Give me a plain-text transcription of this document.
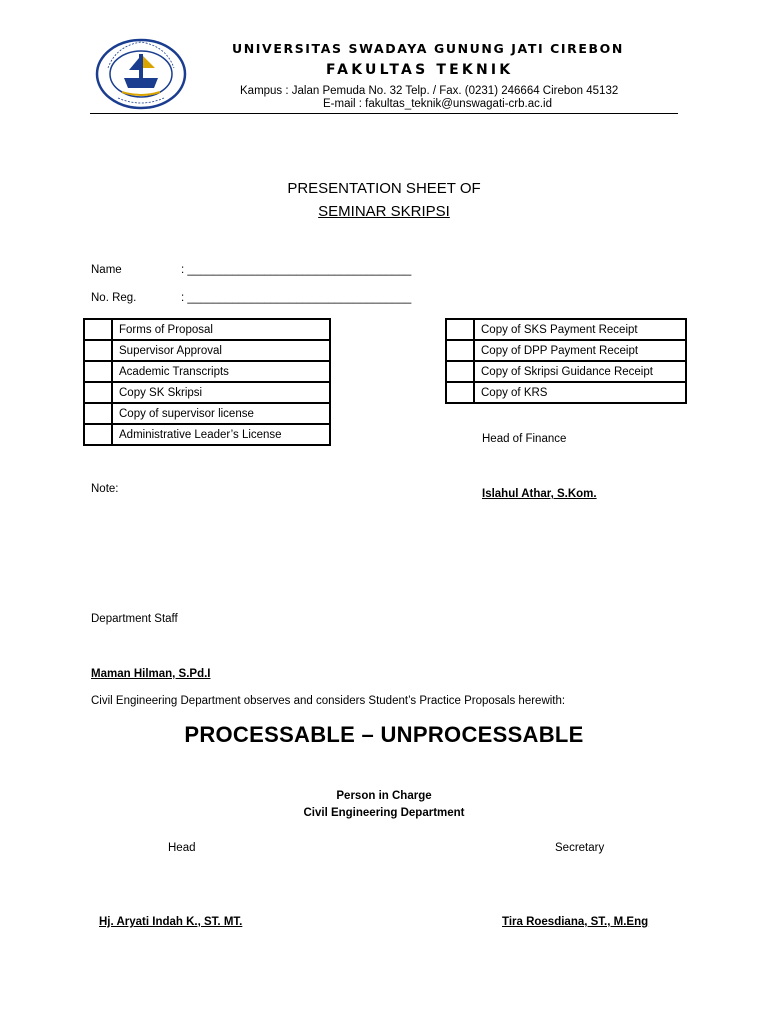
UNIVERSITAS SWADAYA GUNUNG JATI CIREBON
FAKULTAS TEKNIK
Kampus : Jalan Pemuda No. 32 Telp. / Fax. (0231) 246664 Cirebon 45132
E-mail : fakultas_teknik@unswagati-crb.ac.id
PRESENTATION SHEET OF
SEMINAR SKRIPSI
Name	: ___________________________________
No. Reg.	: ___________________________________
	Forms of Proposal
	Supervisor Approval
	Academic Transcripts
	Copy SK Skripsi
	Copy of supervisor license
	Administrative Leader’s License
	Copy of SKS Payment Receipt
	Copy of DPP Payment Receipt
	Copy of Skripsi Guidance Receipt
	Copy of KRS
Head of Finance
Islahul Athar, S.Kom.
Note:
Department Staff
Maman Hilman, S.Pd.I
Civil Engineering Department observes and considers Student’s Practice Proposals herewith:
PROCESSABLE – UNPROCESSABLE
Person in Charge
Civil Engineering Department
Head	Secretary
Hj. Aryati Indah K., ST. MT.	Tira Roesdiana, ST., M.Eng
